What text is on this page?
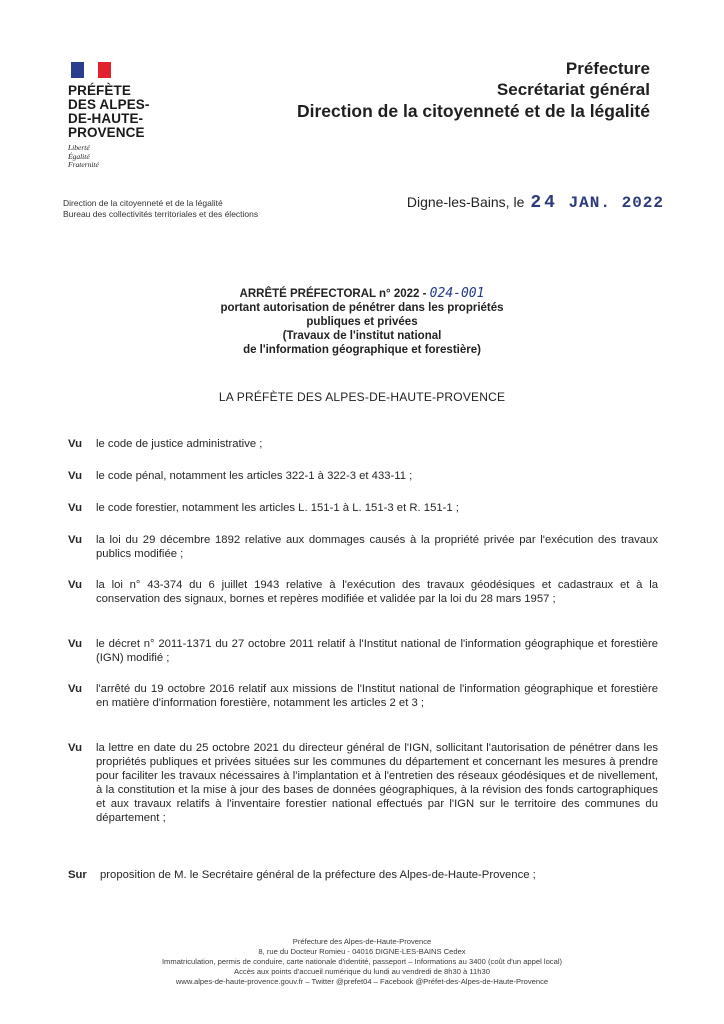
PRÉFÈTE
DES ALPES-
DE-HAUTE-
PROVENCE
Liberté
Égalité
Fraternité
Préfecture
Secrétariat général
Direction de la citoyenneté et de la légalité
Direction de la citoyenneté et de la légalité
Bureau des collectivités territoriales et des élections
Digne-les-Bains, le 24 JAN. 2022
ARRÊTÉ PRÉFECTORAL n° 2022 - 024-001
portant autorisation de pénétrer dans les propriétés
publiques et privées
(Travaux de l'institut national
de l'information géographique et forestière)
LA PRÉFÈTE DES ALPES-DE-HAUTE-PROVENCE
Vu	le code de justice administrative ;
Vu	le code pénal, notamment les articles 322-1 à 322-3 et 433-11 ;
Vu	le code forestier, notamment les articles L. 151-1 à L. 151-3 et R. 151-1 ;
Vu	la loi du 29 décembre 1892 relative aux dommages causés à la propriété privée par l'exécution des travaux publics modifiée ;
Vu	la loi n° 43-374 du 6 juillet 1943 relative à l'exécution des travaux géodésiques et cadastraux et à la conservation des signaux, bornes et repères modifiée et validée par la loi du 28 mars 1957 ;
Vu	le décret n° 2011-1371 du 27 octobre 2011 relatif à l'Institut national de l'information géographique et forestière (IGN) modifié ;
Vu	l'arrêté du 19 octobre 2016 relatif aux missions de l'Institut national de l'information géographique et forestière en matière d'information forestière, notamment les articles 2 et 3 ;
Vu	la lettre en date du 25 octobre 2021 du directeur général de l'IGN, sollicitant l'autorisation de pénétrer dans les propriétés publiques et privées situées sur les communes du département et concernant les mesures à prendre pour faciliter les travaux nécessaires à l'implantation et à l'entretien des réseaux géodésiques et de nivellement, à la constitution et la mise à jour des bases de données géographiques, à la révision des fonds cartographiques et aux travaux relatifs à l'inventaire forestier national effectués par l'IGN sur le territoire des communes du département ;
Sur	proposition de M. le Secrétaire général de la préfecture des Alpes-de-Haute-Provence ;
Préfecture des Alpes-de-Haute-Provence
8, rue du Docteur Romieu - 04016 DIGNE-LES-BAINS Cedex
Immatriculation, permis de conduire, carte nationale d'identité, passeport – Informations au 3400 (coût d'un appel local)
Accès aux points d'accueil numérique du lundi au vendredi de 8h30 à 11h30
www.alpes-de-haute-provence.gouv.fr – Twitter @prefet04 – Facebook @Préfet-des-Alpes-de-Haute-Provence
